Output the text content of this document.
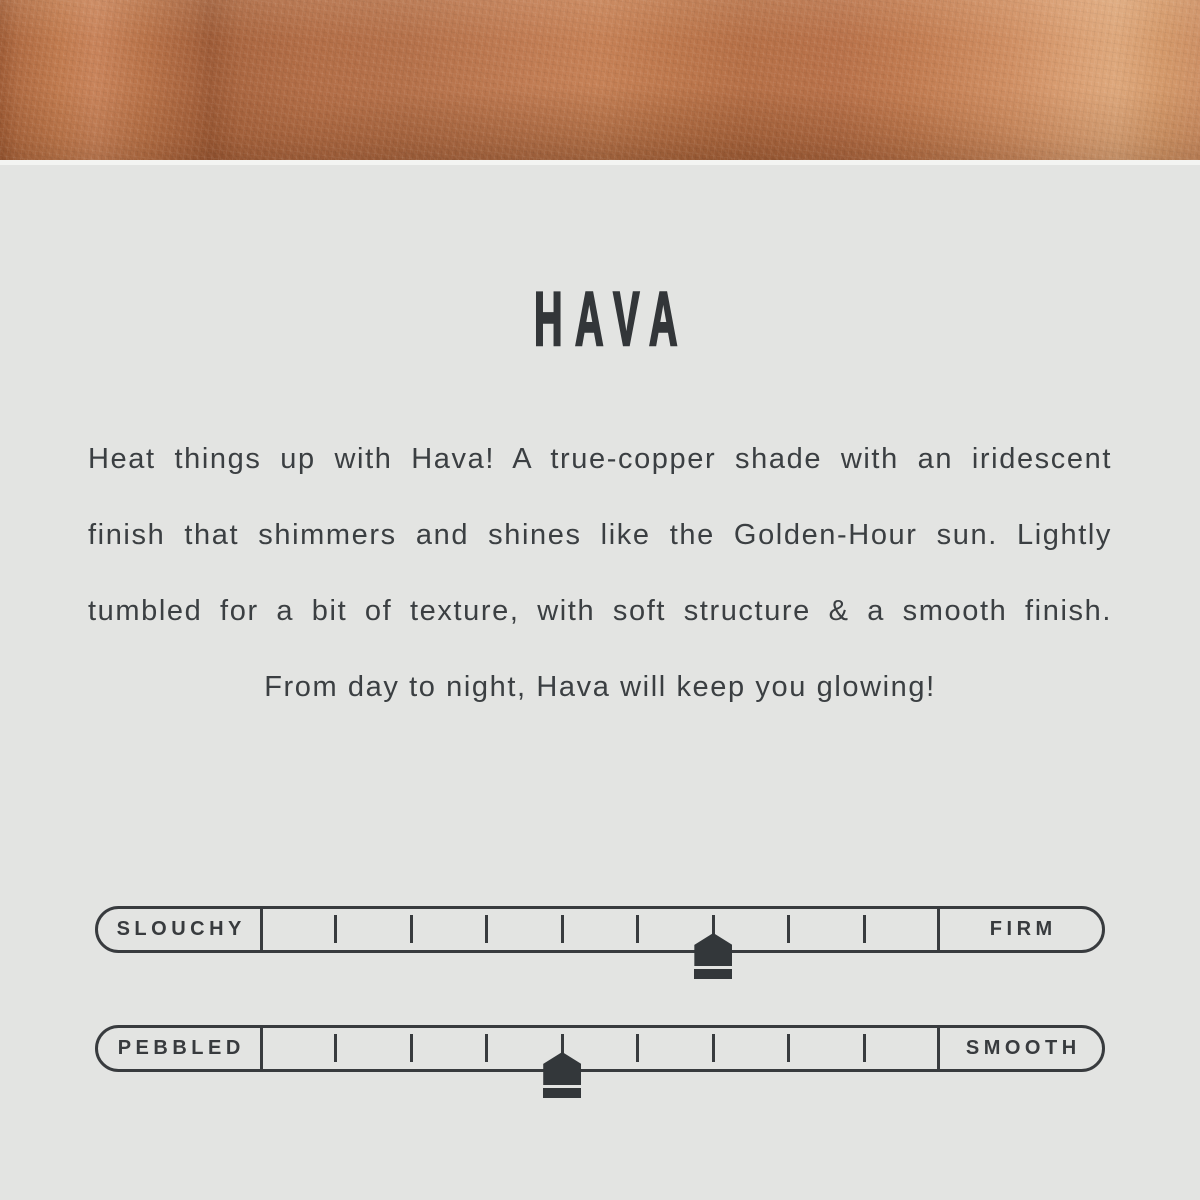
HAVA

Heat things up with Hava! A true-copper shade with an iridescent

finish that shimmers and shines like the Golden-Hour sun. Lightly

tumbled for a bit of texture, with soft structure & a smooth finish.

From day to night, Hava will keep you glowing!

SLOUCHY	FIRM
PEBBLED	SMOOTH
